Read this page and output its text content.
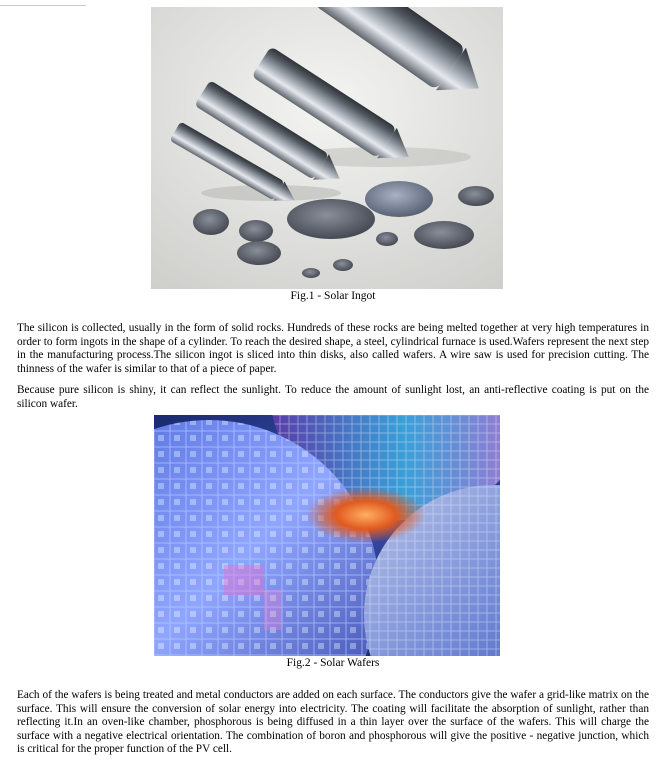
Fig.1 - Solar Ingot

The silicon is collected, usually in the form of solid rocks. Hundreds of these rocks are being melted together at very high temperatures in order to form ingots in the shape of a cylinder. To reach the desired shape, a steel, cylindrical furnace is used.Wafers represent the next step in the manufacturing process.The silicon ingot is sliced into thin disks, also called wafers. A wire saw is used for precision cutting. The thinness of the wafer is similar to that of a piece of paper.

Because pure silicon is shiny, it can reflect the sunlight. To reduce the amount of sunlight lost, an anti-reflective coating is put on the silicon wafer.

Fig.2 - Solar Wafers

Each of the wafers is being treated and metal conductors are added on each surface. The conductors give the wafer a grid-like matrix on the surface. This will ensure the conversion of solar energy into electricity. The coating will facilitate the absorption of sunlight, rather than reflecting it.In an oven-like chamber, phosphorous is being diffused in a thin layer over the surface of the wafers. This will charge the surface with a negative electrical orientation. The combination of boron and phosphorous will give the positive - negative junction, which is critical for the proper function of the PV cell.
